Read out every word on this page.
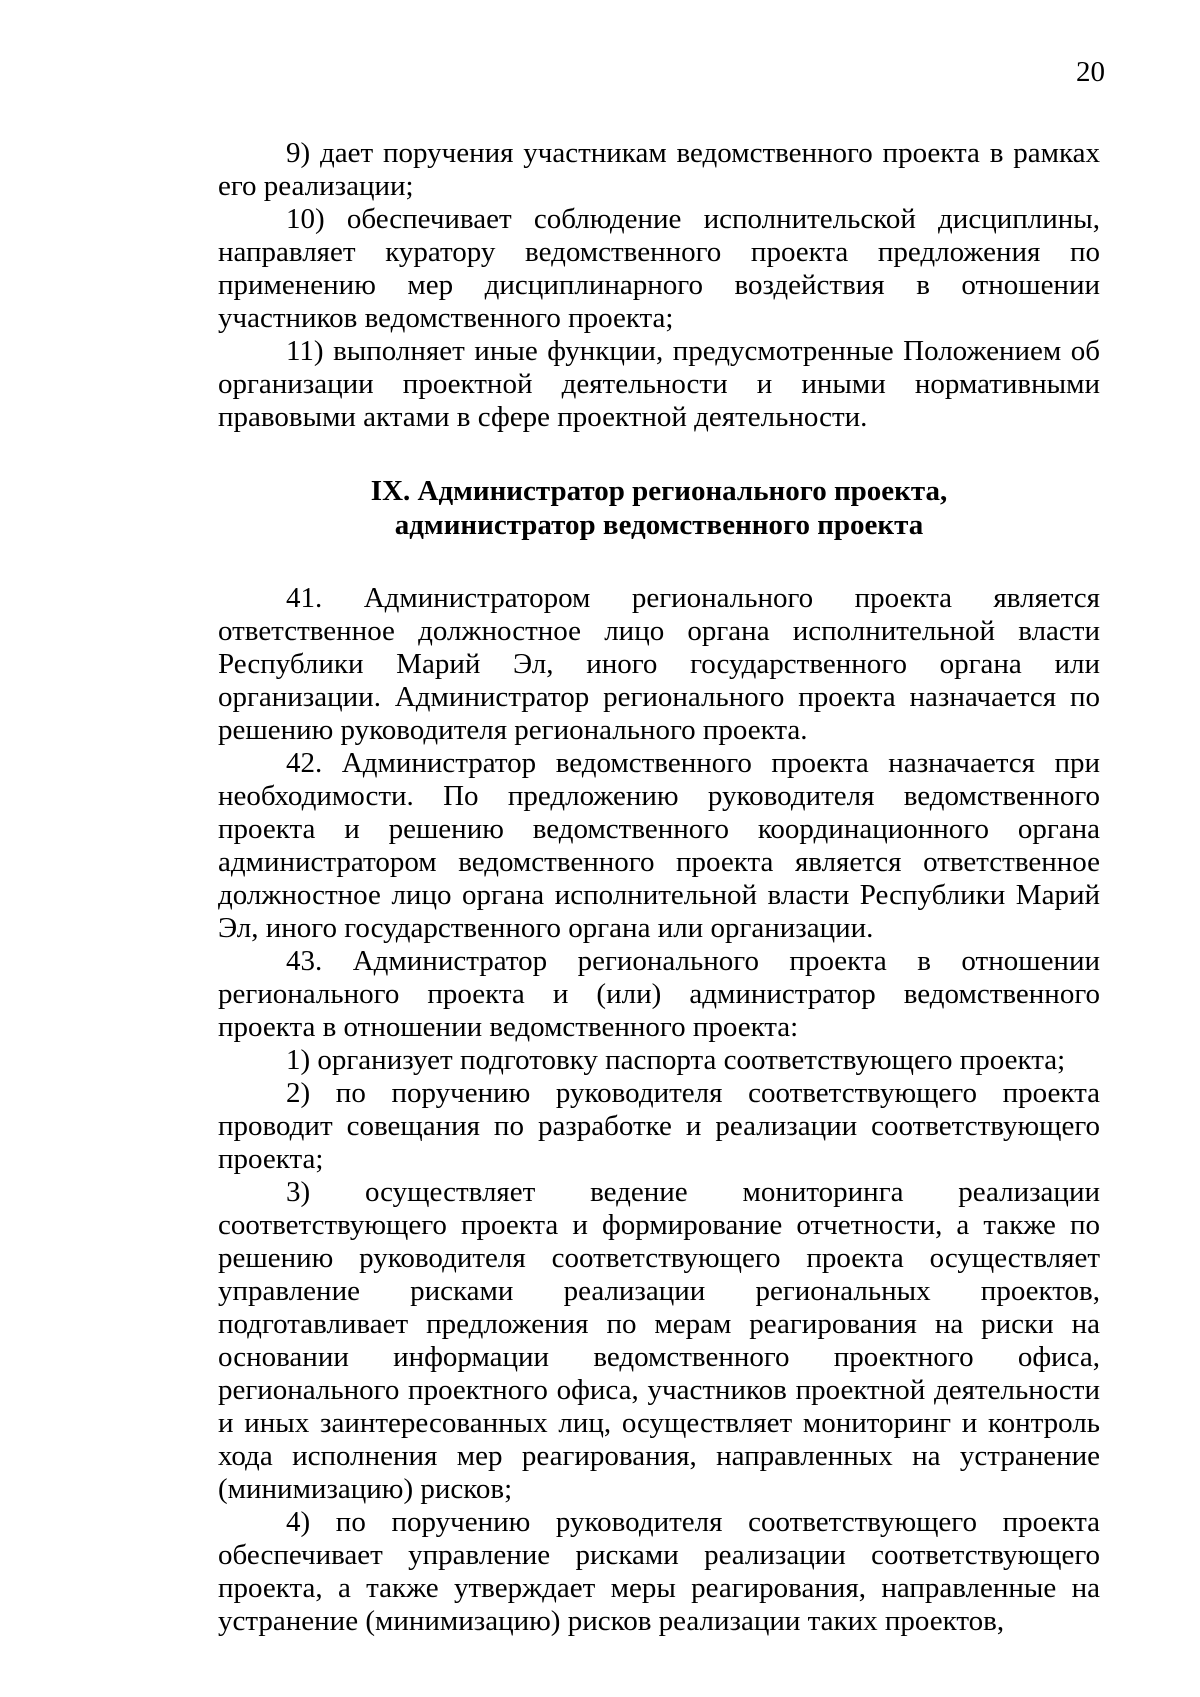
20

9) дает поручения участникам ведомственного проекта в рамках его реализации;

10) обеспечивает соблюдение исполнительской дисциплины, направляет куратору ведомственного проекта предложения по применению мер дисциплинарного воздействия в отношении участников ведомственного проекта;

11) выполняет иные функции, предусмотренные Положением об организации проектной деятельности и иными нормативными правовыми актами в сфере проектной деятельности.

IX. Администратор регионального проекта,
администратор ведомственного проекта

41. Администратором регионального проекта является ответственное должностное лицо органа исполнительной власти Республики Марий Эл, иного государственного органа или организации. Администратор регионального проекта назначается по решению руководителя регионального проекта.

42. Администратор ведомственного проекта назначается при необходимости. По предложению руководителя ведомственного проекта и решению ведомственного координационного органа администратором ведомственного проекта является ответственное должностное лицо органа исполнительной власти Республики Марий Эл, иного государственного органа или организации.

43. Администратор регионального проекта в отношении регионального проекта и (или) администратор ведомственного проекта в отношении ведомственного проекта:

1) организует подготовку паспорта соответствующего проекта;

2) по поручению руководителя соответствующего проекта проводит совещания по разработке и реализации соответствующего проекта;

3) осуществляет ведение мониторинга реализации соответствующего проекта и формирование отчетности, а также по решению руководителя соответствующего проекта осуществляет управление рисками реализации региональных проектов, подготавливает предложения по мерам реагирования на риски на основании информации ведомственного проектного офиса, регионального проектного офиса, участников проектной деятельности и иных заинтересованных лиц, осуществляет мониторинг и контроль хода исполнения мер реагирования, направленных на устранение (минимизацию) рисков;

4) по поручению руководителя соответствующего проекта обеспечивает управление рисками реализации соответствующего проекта, а также утверждает меры реагирования, направленные на устранение (минимизацию) рисков реализации таких проектов,
